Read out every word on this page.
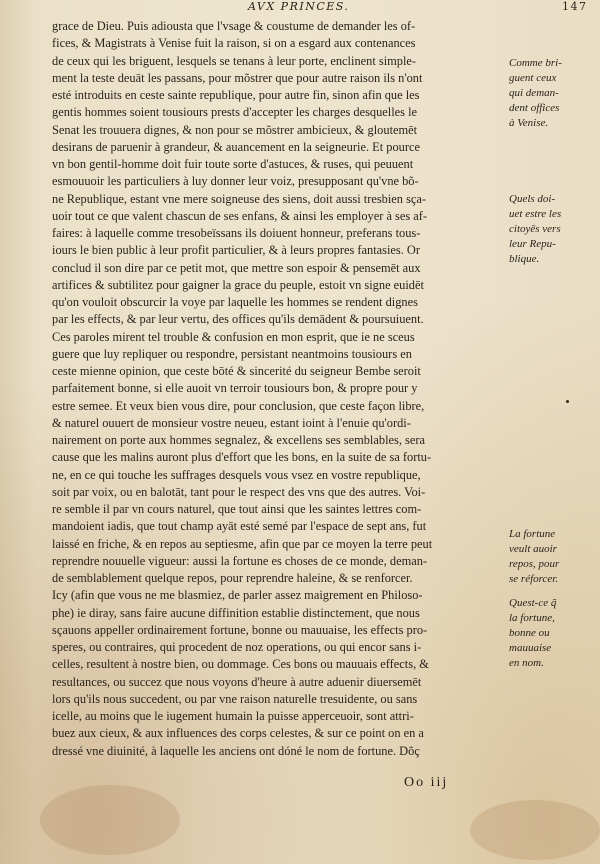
AVX PRINCES.	147
grace de Dieu. Puis adiousta que l'vsage & coustume de demander les of-
fices, & Magistrats à Venise fuit la raison, si on a esgard aux contenances
de ceux qui les briguent, lesquels se tenans à leur porte, enclinent simple-
ment la teste deuāt les passans, pour mõstrer que pour autre raison ils n'ont
esté introduits en ceste sainte republique, pour autre fin, sinon afin que les
gentis hommes soient tousiours prests d'accepter les charges desquelles le
Senat les trouuera dignes, & non pour se mõstrer ambicieux, & gloutemēt
desirans de paruenir à grandeur, & auancement en la seigneurie. Et pource
vn bon gentil-homme doit fuir toute sorte d'astuces, & ruses, qui peuuent
esmouuoir les particuliers à luy donner leur voiz, presupposant qu'vne bõ-
ne Republique, estant vne mere soigneuse des siens, doit aussi tresbien sça-
uoir tout ce que valent chascun de ses enfans, & ainsi les employer à ses af-
faires: à laquelle comme tresobeïssans ils doiuent honneur, preferans tous-
iours le bien public à leur profit particulier, & à leurs propres fantasies. Or
conclud il son dire par ce petit mot, que mettre son espoir & pensemēt aux
artifices & subtilitez pour gaigner la grace du peuple, estoit vn signe euidēt
qu'on vouloit obscurcir la voye par laquelle les hommes se rendent dignes
par les effects, & par leur vertu, des offices qu'ils demādent & poursuiuent.
Ces paroles mirent tel trouble & confusion en mon esprit, que ie ne sceus
guere que luy repliquer ou respondre, persistant neantmoins tousiours en
ceste mienne opinion, que ceste bōté & sincerité du seigneur Bembe seroit
parfaitement bonne, si elle auoit vn terroir tousiours bon, & propre pour y
estre semee. Et veux bien vous dire, pour conclusion, que ceste façon libre,
& naturel ouuert de monsieur vostre neueu, estant ioint à l'enuie qu'ordi-
nairement on porte aux hommes segnalez, & excellens ses semblables, sera
cause que les malins auront plus d'effort que les bons, en la suite de sa fortu-
ne, en ce qui touche les suffrages desquels vous vsez en vostre republique,
soit par voix, ou en balotāt, tant pour le respect des vns que des autres. Voi-
re semble il par vn cours naturel, que tout ainsi que les saintes lettres com-
mandoient iadis, que tout champ ayāt esté semé par l'espace de sept ans, fut
laissé en friche, & en repos au septiesme, afin que par ce moyen la terre peut
reprendre nouuelle vigueur: aussi la fortune es choses de ce monde, deman-
de semblablement quelque repos, pour reprendre haleine, & se renforcer.
Icy (afin que vous ne me blasmiez, de parler assez maigrement en Philoso-
phe) ie diray, sans faire aucune diffinition establie distinctement, que nous
sçauons appeller ordinairement fortune, bonne ou mauuaise, les effects pro-
speres, ou contraires, qui procedent de noz operations, ou qui encor sans i-
celles, resultent à nostre bien, ou dommage. Ces bons ou mauuais effects, &
resultances, ou succez que nous voyons d'heure à autre aduenir diuersemēt
lors qu'ils nous succedent, ou par vne raison naturelle tresuidente, ou sans
icelle, au moins que le iugement humain la puisse apperceuoir, sont attri-
buez aux cieux, & aux influences des corps celestes, & sur ce point on en a
dressé vne diuinité, à laquelle les anciens ont dóné le nom de fortune. Dõç
Comme bri-
guent ceux
qui deman-
dent offices
à Venise.
Quels doi-
uet estre les
citoyēs vers
leur Repu-
blique.
La fortune
veult auoir
repos, pour
se réforcer.
Quest-ce q̃
la fortune,
bonne ou
mauuaise
en nom.
Oo iij
